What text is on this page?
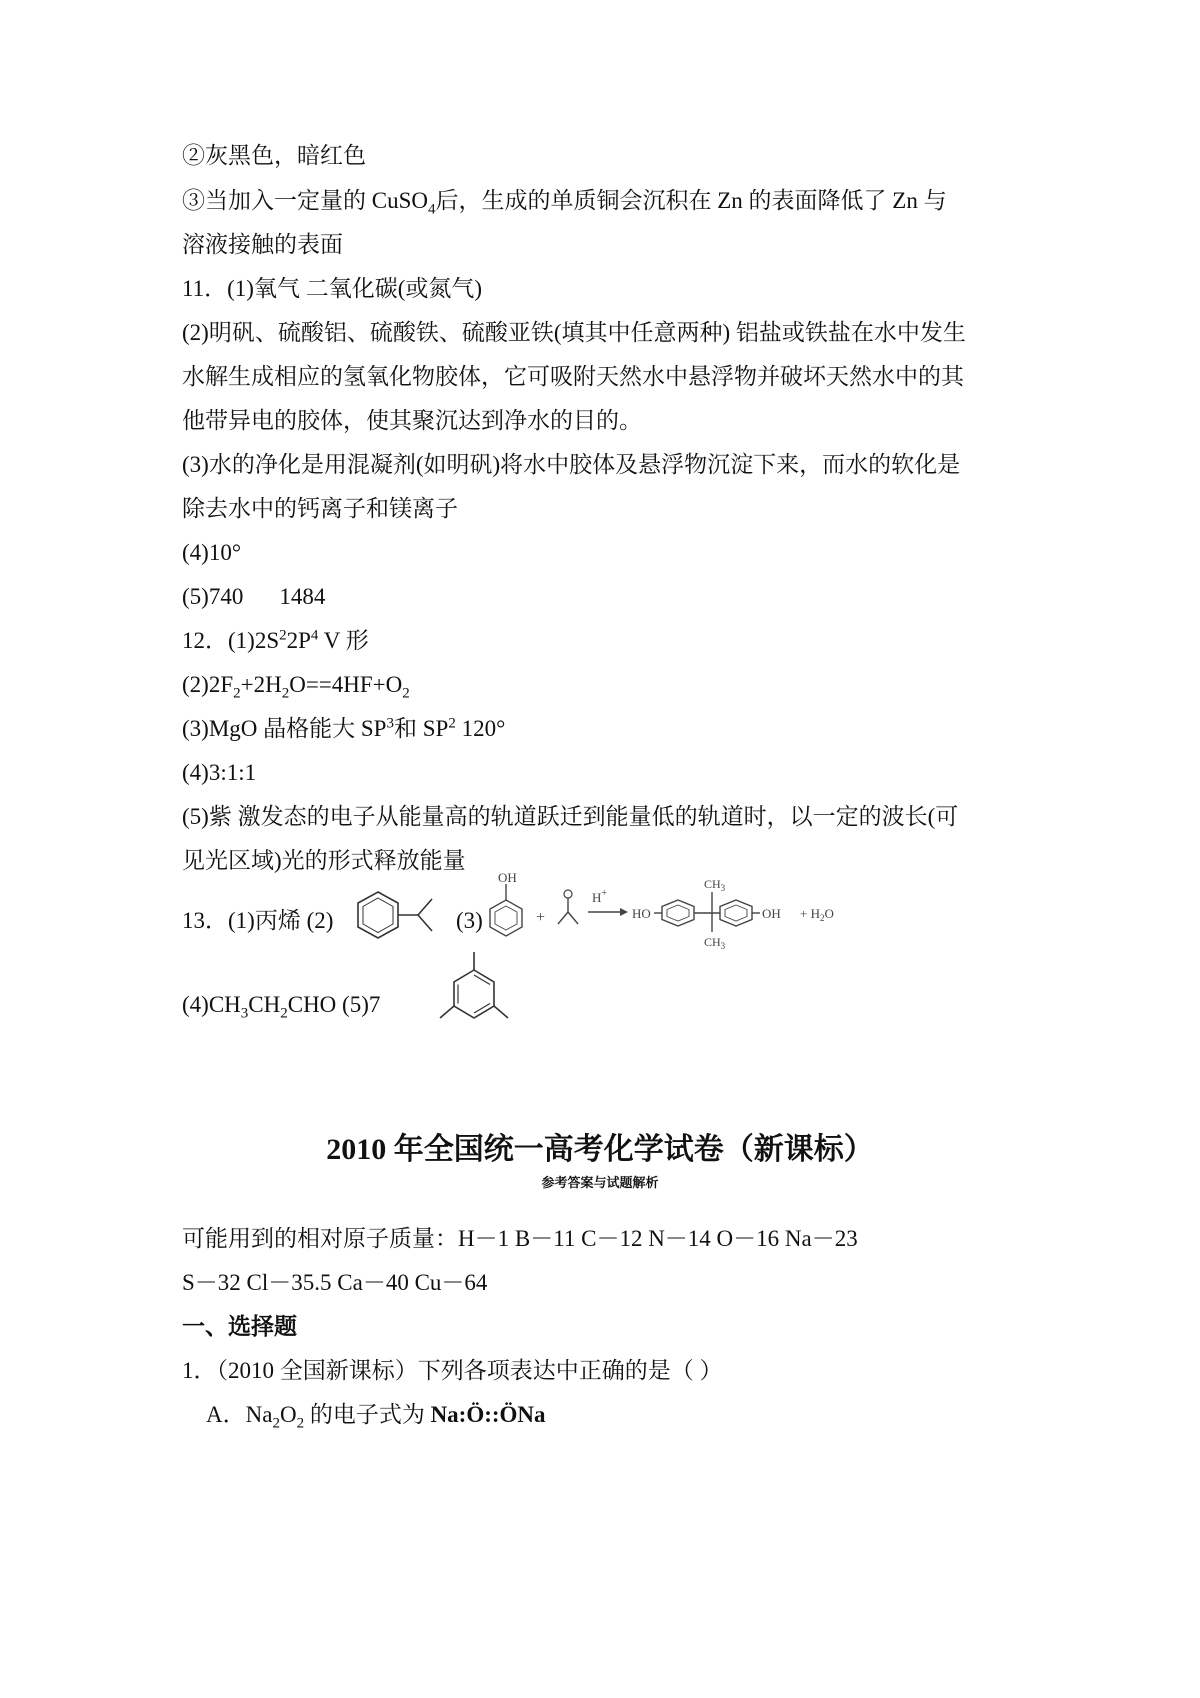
②灰黑色，暗红色
③当加入一定量的 CuSO$_4$后，生成的单质铜会沉积在 Zn 的表面降低了 Zn 与
溶液接触的表面
11．(1)氧气 二氧化碳(或氮气)
(2)明矾、硫酸铝、硫酸铁、硫酸亚铁(填其中任意两种) 铝盐或铁盐在水中发生
水解生成相应的氢氧化物胶体，它可吸附天然水中悬浮物并破坏天然水中的其
他带异电的胶体，使其聚沉达到净水的目的。
(3)水的净化是用混凝剂(如明矾)将水中胶体及悬浮物沉淀下来，而水的软化是
除去水中的钙离子和镁离子
(4)10°
(5)740 1484
12．$(1)2S^22P^4$ V 形
$(2)2F_2+2H_2O==4HF+O_2$
(3)MgO 晶格能大 $SP^3$和 $SP^2$ 120°
(4)3:1:1
(5)紫 激发态的电子从能量高的轨道跃迁到能量低的轨道时，以一定的波长(可
见光区域)光的形式释放能量
13．(1)丙烯 (2)	(3)
OH
+
H+
HO
$CH_3$
$CH_3$
OH + $H_2O$
$(4)CH_3CH_2CHO$ (5)7
2010 年全国统一高考化学试卷（新课标）
参考答案与试题解析
可能用到的相对原子质量：H－1 B－11 C－12 N－14 O－16 Na－23
S－32 Cl－35.5 Ca－40 Cu－64
一、选择题
1．（2010 全国新课标）下列各项表达中正确的是（ ）
A．$Na_2O_2$ 的电子式为 Na:Ö::ÖNa
